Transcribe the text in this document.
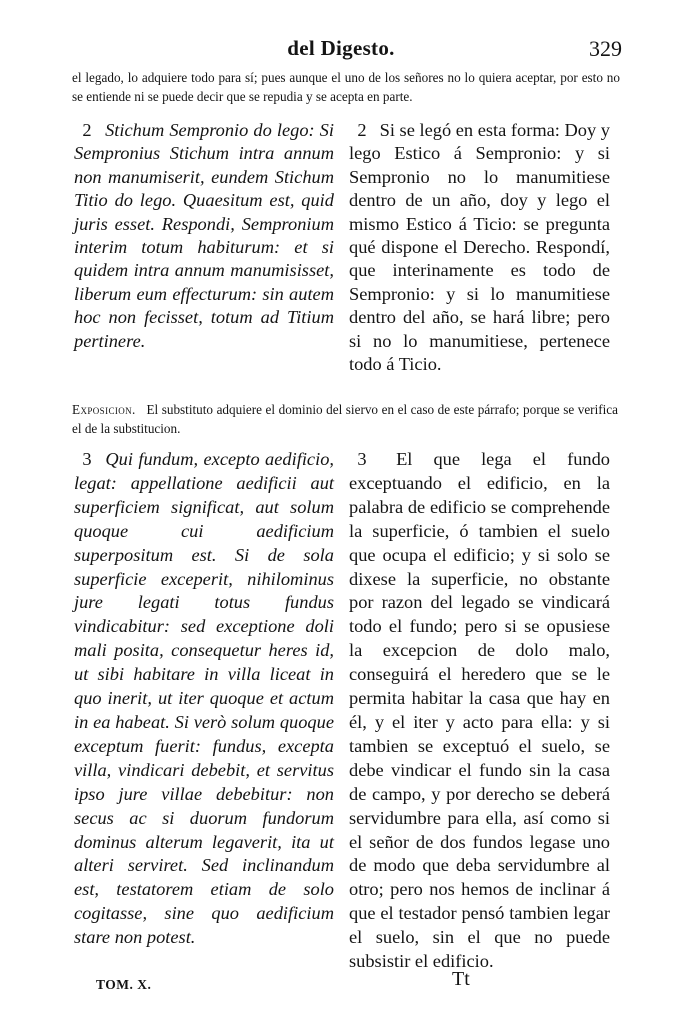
del Digesto.	329
el legado, lo adquiere todo para sí; pues aunque el uno de los señores no lo quiera aceptar, por esto no se entiende ni se puede decir que se repudia y se acepta en parte.
2 Stichum Sempronio do lego: Si Sempronius Stichum intra annum non manumiserit, eundem Stichum Titio do lego. Quaesitum est, quid juris esset. Respondi, Sempronium interim totum habiturum: et si quidem intra annum manumisisset, liberum eum effecturum: sin autem hoc non fecisset, totum ad Titium pertinere.
2 Si se legó en esta forma: Doy y lego Estico á Sempronio: y si Sempronio no lo manumitiese dentro de un año, doy y lego el mismo Estico á Ticio: se pregunta qué dispone el Derecho. Respondí, que interinamente es todo de Sempronio: y si lo manumitiese dentro del año, se hará libre; pero si no lo manumitiese, pertenece todo á Ticio.
Exposicion. El substituto adquiere el dominio del siervo en el caso de este párrafo; porque se verifica el de la substitucion.
3 Qui fundum, excepto aedificio, legat: appellatione aedificii aut superficiem significat, aut solum quoque cui aedificium superpositum est. Si de sola superficie exceperit, nihilominus jure legati totus fundus vindicabitur: sed exceptione doli mali posita, consequetur heres id, ut sibi habitare in villa liceat in quo inerit, ut iter quoque et actum in ea habeat. Si verò solum quoque exceptum fuerit: fundus, excepta villa, vindicari debebit, et servitus ipso jure villae debebitur: non secus ac si duorum fundorum dominus alterum legaverit, ita ut alteri serviret. Sed inclinandum est, testatorem etiam de solo cogitasse, sine quo aedificium stare non potest.
3 El que lega el fundo exceptuando el edificio, en la palabra de edificio se comprehende la superficie, ó tambien el suelo que ocupa el edificio; y si solo se dixese la superficie, no obstante por razon del legado se vindicará todo el fundo; pero si se opusiese la excepcion de dolo malo, conseguirá el heredero que se le permita habitar la casa que hay en él, y el iter y acto para ella: y si tambien se exceptuó el suelo, se debe vindicar el fundo sin la casa de campo, y por derecho se deberá servidumbre para ella, así como si el señor de dos fundos legase uno de modo que deba servidumbre al otro; pero nos hemos de inclinar á que el testador pensó tambien legar el suelo, sin el que no puede subsistir el edificio.
TOM. X.	Tt
